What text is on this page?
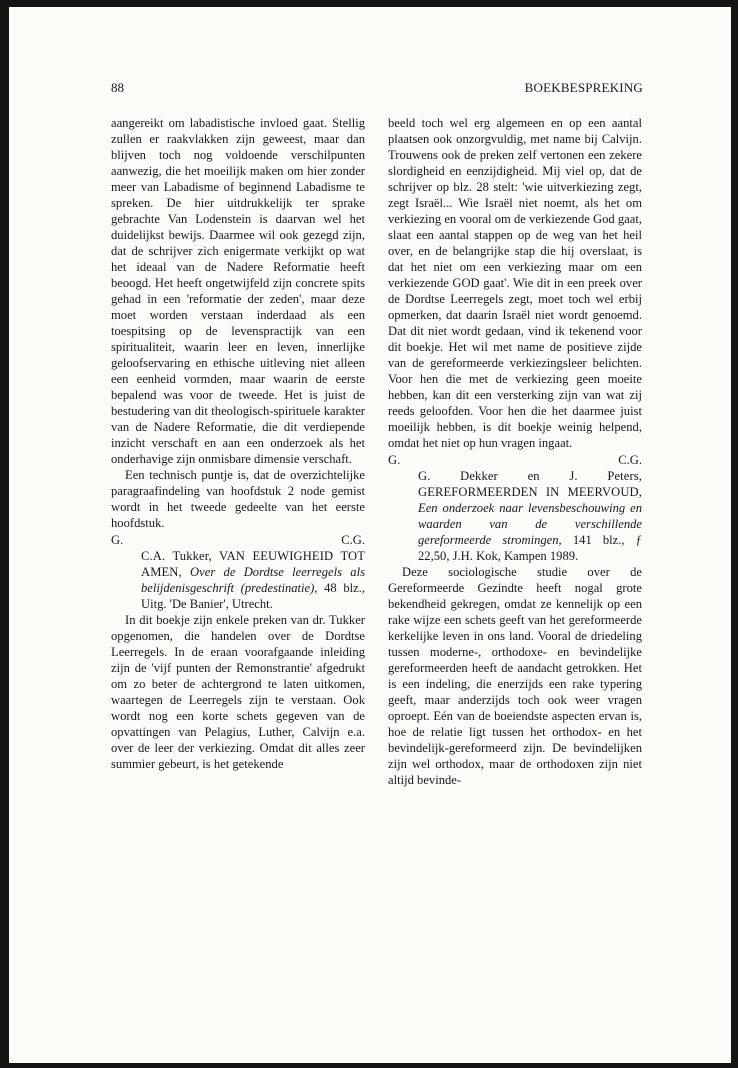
88	BOEKBESPREKING

aangereikt om labadistische invloed gaat. Stellig zullen er raakvlakken zijn geweest, maar dan blijven toch nog voldoende verschilpunten aanwezig, die het moeilijk maken om hier zonder meer van Labadisme of beginnend Labadisme te spreken. De hier uitdrukkelijk ter sprake gebrachte Van Lodenstein is daarvan wel het duidelijkst bewijs. Daarmee wil ook gezegd zijn, dat de schrijver zich enigermate verkijkt op wat het ideaal van de Nadere Reformatie heeft beoogd. Het heeft ongetwijfeld zijn concrete spits gehad in een 'reformatie der zeden', maar deze moet worden verstaan inderdaad als een toespitsing op de levenspractijk van een spiritualiteit, waarin leer en leven, innerlijke geloofservaring en ethische uitleving niet alleen een eenheid vormden, maar waarin de eerste bepalend was voor de tweede. Het is juist de bestudering van dit theologisch-spirituele karakter van de Nadere Reformatie, die dit verdiepende inzicht verschaft en aan een onderzoek als het onderhavige zijn onmisbare dimensie verschaft.

Een technisch puntje is, dat de overzichtelijke paragraafindeling van hoofdstuk 2 node gemist wordt in het tweede gedeelte van het eerste hoofdstuk.

G.	C.G.

C.A. Tukker, VAN EEUWIGHEID TOT AMEN, Over de Dordtse leerregels als belijdenisgeschrift (predestinatie), 48 blz., Uitg. 'De Banier', Utrecht.

In dit boekje zijn enkele preken van dr. Tukker opgenomen, die handelen over de Dordtse Leerregels. In de eraan voorafgaande inleiding zijn de 'vijf punten der Remonstrantie' afgedrukt om zo beter de achtergrond te laten uitkomen, waartegen de Leerregels zijn te verstaan. Ook wordt nog een korte schets gegeven van de opvattingen van Pelagius, Luther, Calvijn e.a. over de leer der verkiezing. Omdat dit alles zeer summier gebeurt, is het getekende

beeld toch wel erg algemeen en op een aantal plaatsen ook onzorgvuldig, met name bij Calvijn. Trouwens ook de preken zelf vertonen een zekere slordigheid en eenzijdigheid. Mij viel op, dat de schrijver op blz. 28 stelt: 'wie uitverkiezing zegt, zegt Israël... Wie Israël niet noemt, als het om verkiezing en vooral om de verkiezende God gaat, slaat een aantal stappen op de weg van het heil over, en de belangrijke stap die hij overslaat, is dat het niet om een verkiezing maar om een verkiezende GOD gaat'. Wie dit in een preek over de Dordtse Leerregels zegt, moet toch wel erbij opmerken, dat daarin Israël niet wordt genoemd. Dat dit niet wordt gedaan, vind ik tekenend voor dit boekje. Het wil met name de positieve zijde van de gereformeerde verkiezingsleer belichten. Voor hen die met de verkiezing geen moeite hebben, kan dit een versterking zijn van wat zij reeds geloofden. Voor hen die het daarmee juist moeilijk hebben, is dit boekje weinig helpend, omdat het niet op hun vragen ingaat.

G.	C.G.

G. Dekker en J. Peters, GEREFORMEERDEN IN MEERVOUD, Een onderzoek naar levensbeschouwing en waarden van de verschillende gereformeerde stromingen, 141 blz., ƒ 22,50, J.H. Kok, Kampen 1989.

Deze sociologische studie over de Gereformeerde Gezindte heeft nogal grote bekendheid gekregen, omdat ze kennelijk op een rake wijze een schets geeft van het gereformeerde kerkelijke leven in ons land. Vooral de driedeling tussen moderne-, orthodoxe- en bevindelijke gereformeerden heeft de aandacht getrokken. Het is een indeling, die enerzijds een rake typering geeft, maar anderzijds toch ook weer vragen oproept. Eén van de boeiendste aspecten ervan is, hoe de relatie ligt tussen het orthodox- en het bevindelijk-gereformeerd zijn. De bevindelijken zijn wel orthodox, maar de orthodoxen zijn niet altijd bevinde-
